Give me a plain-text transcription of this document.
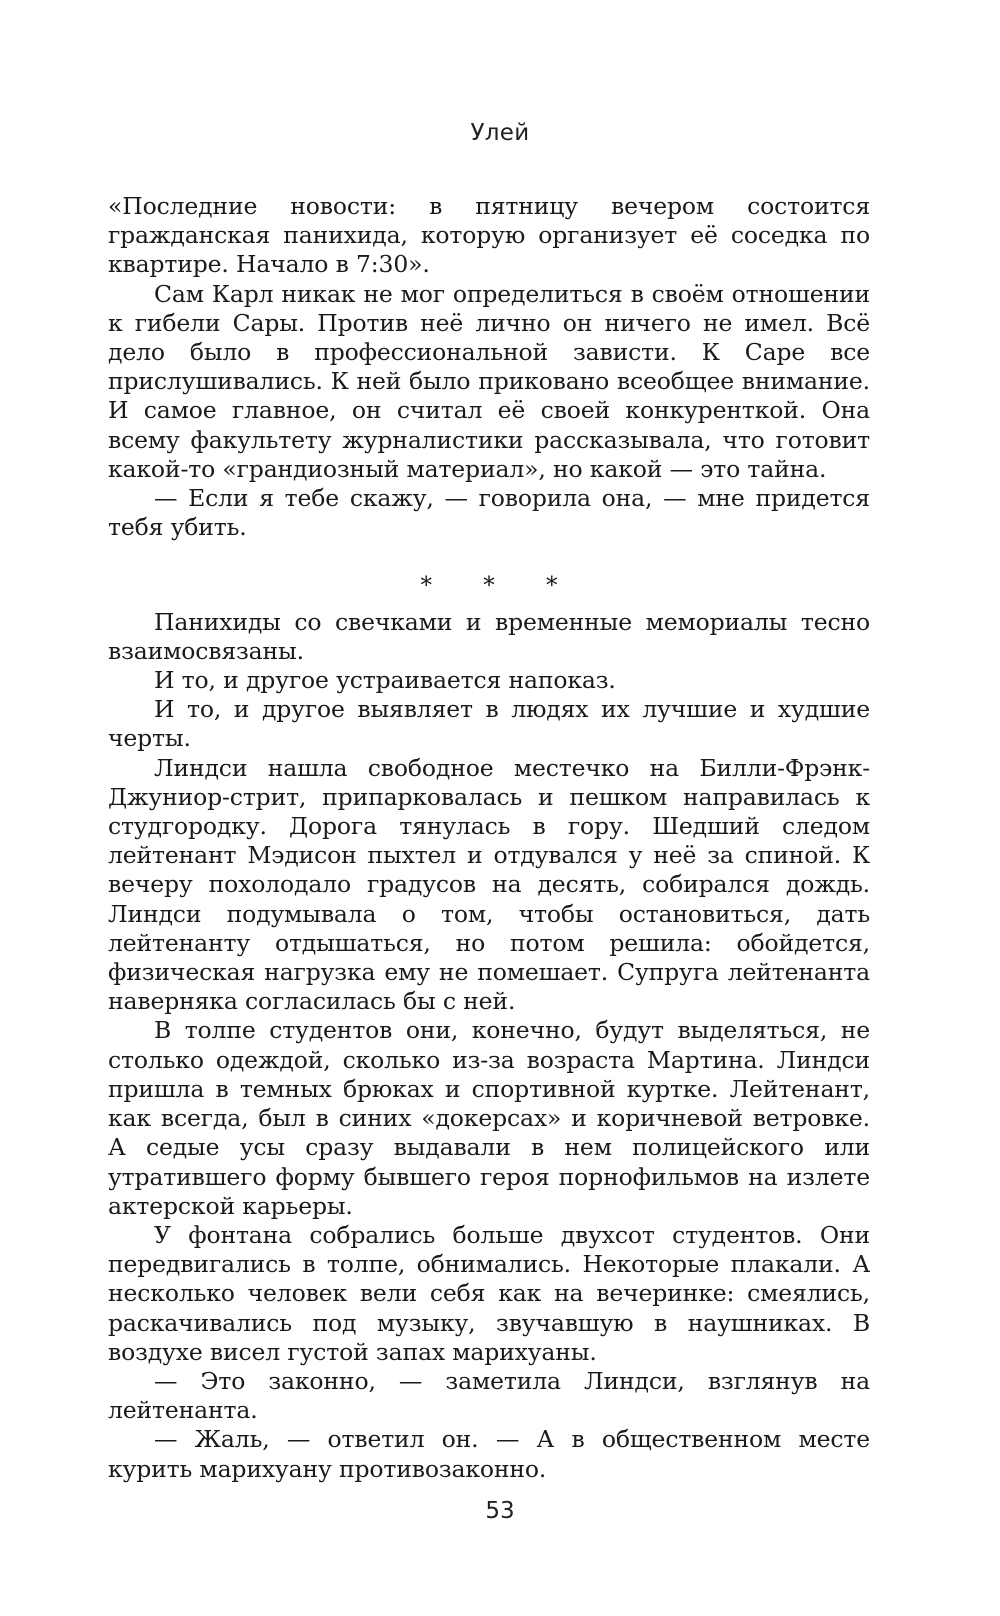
Улей

«Последние новости: в пятницу вечером состоится гражданская панихида, которую организует её соседка по квартире. Начало в 7:30».

Сам Карл никак не мог определиться в своём отношении к гибели Сары. Против неё лично он ничего не имел. Всё дело было в профессиональной зависти. К Саре все прислушивались. К ней было приковано всеобщее внимание. И самое главное, он считал её своей конкуренткой. Она всему факультету журналистики рассказывала, что готовит какой-то «грандиозный материал», но какой — это тайна.

— Если я тебе скажу, — говорила она, — мне придется тебя убить.

* * *

Панихиды со свечками и временные мемориалы тесно взаимосвязаны.

И то, и другое устраивается напоказ.

И то, и другое выявляет в людях их лучшие и худшие черты.

Линдси нашла свободное местечко на Билли-Фрэнк-Джуниор-стрит, припарковалась и пешком направилась к студгородку. Дорога тянулась в гору. Шедший следом лейтенант Мэдисон пыхтел и отдувался у неё за спиной. К вечеру похолодало градусов на десять, собирался дождь. Линдси подумывала о том, чтобы остановиться, дать лейтенанту отдышаться, но потом решила: обойдется, физическая нагрузка ему не помешает. Супруга лейтенанта наверняка согласилась бы с ней.

В толпе студентов они, конечно, будут выделяться, не столько одеждой, сколько из-за возраста Мартина. Линдси пришла в темных брюках и спортивной куртке. Лейтенант, как всегда, был в синих «докерсах» и коричневой ветровке. А седые усы сразу выдавали в нем полицейского или утратившего форму бывшего героя порнофильмов на излете актерской карьеры.

У фонтана собрались больше двухсот студентов. Они передвигались в толпе, обнимались. Некоторые плакали. А несколько человек вели себя как на вечеринке: смеялись, раскачивались под музыку, звучавшую в наушниках. В воздухе висел густой запах марихуаны.

— Это законно, — заметила Линдси, взглянув на лейтенанта.

— Жаль, — ответил он. — А в общественном месте курить марихуану противозаконно.

53
